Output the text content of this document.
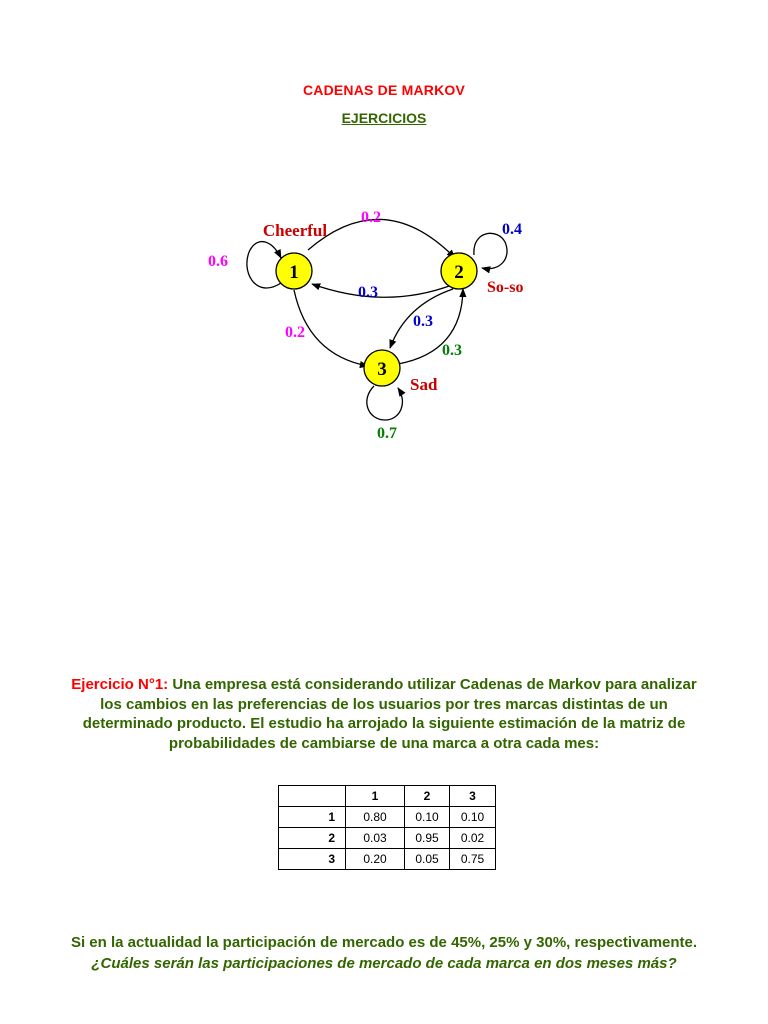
CADENAS DE MARKOV
EJERCICIOS
1	2
3
Cheerful
So-so
Sad
0.6
0.2
0.2
0.4
0.3
0.3
0.7
0.3
Ejercicio N°1: Una empresa está considerando utilizar Cadenas de Markov para analizar los cambios en las preferencias de los usuarios por tres marcas distintas de un determinado producto. El estudio ha arrojado la siguiente estimación de la matriz de probabilidades de cambiarse de una marca a otra cada mes:
	1	2	3
1	0.80	0.10	0.10
2	0.03	0.95	0.02
3	0.20	0.05	0.75
Si en la actualidad la participación de mercado es de 45%, 25% y 30%, respectivamente. ¿Cuáles serán las participaciones de mercado de cada marca en dos meses más?
